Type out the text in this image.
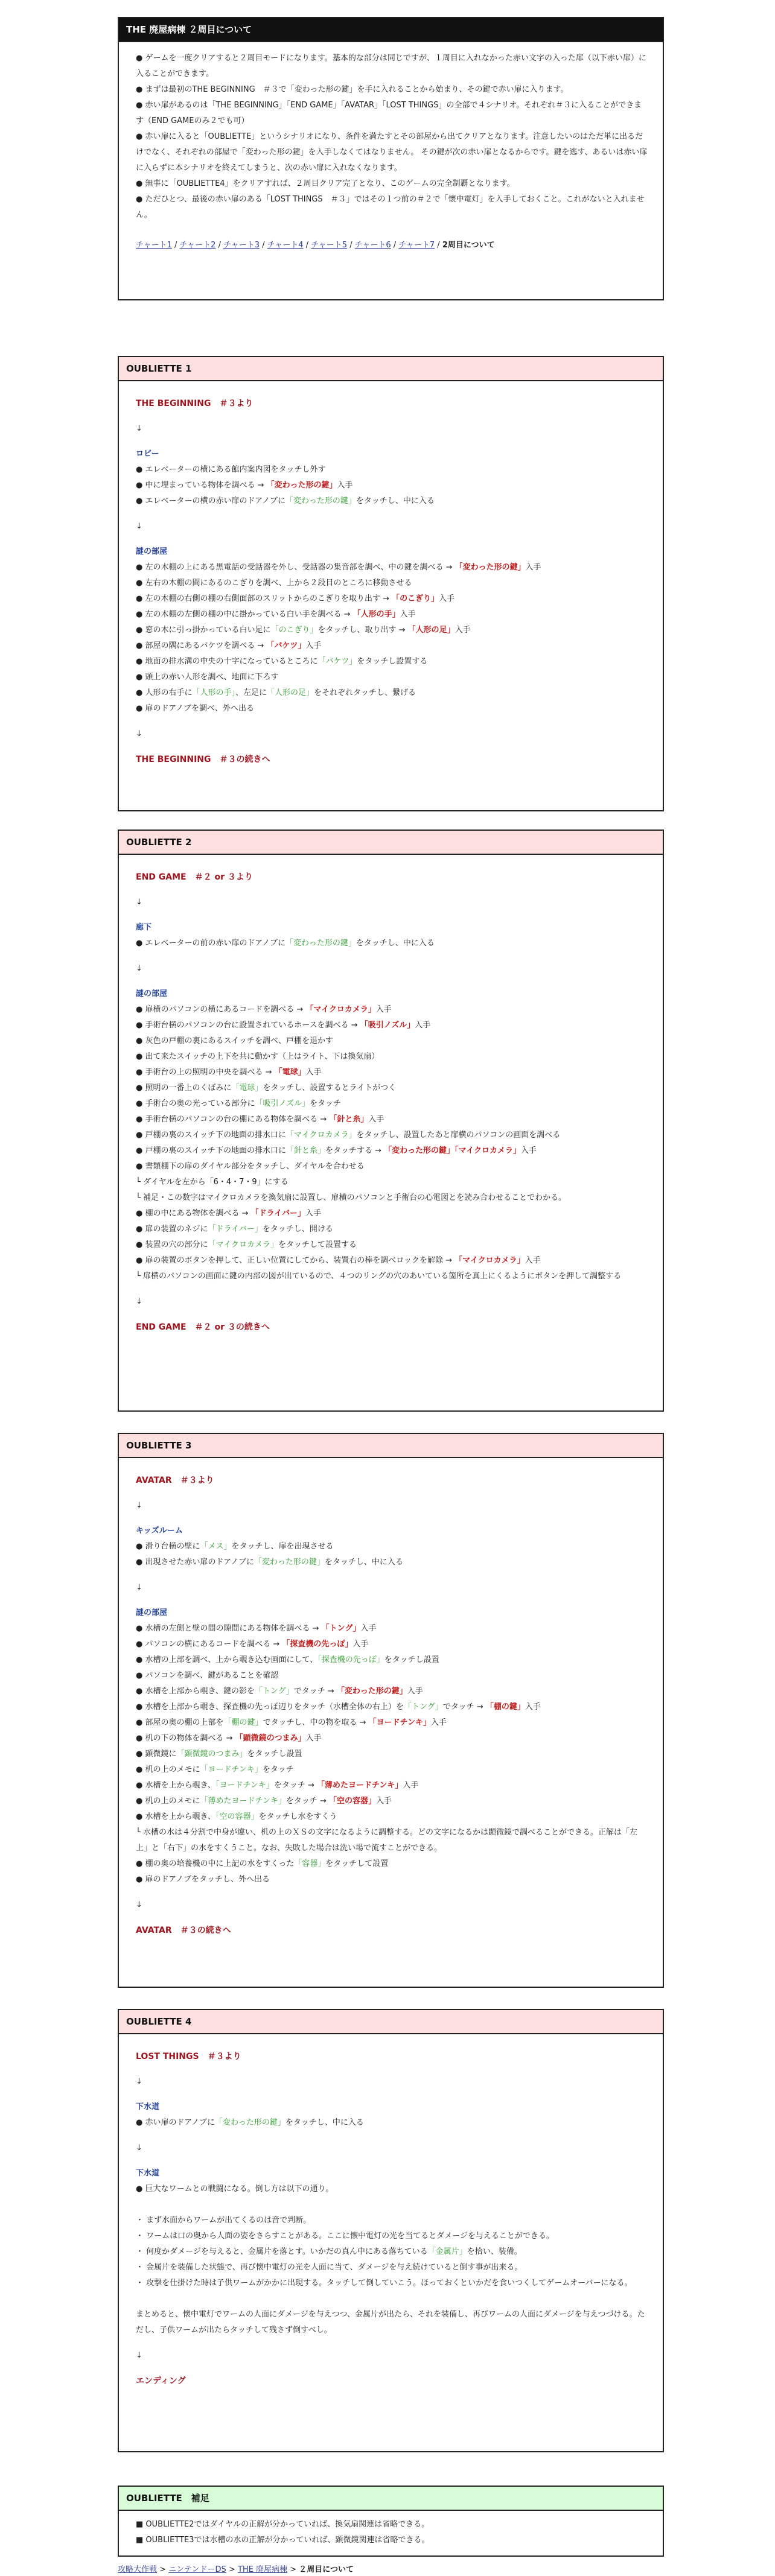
THE 廃屋病棟 ２周目について

● ゲームを一度クリアすると２周目モードになります。基本的な部分は同じですが、１周目に入れなかった赤い文字の入った扉（以下赤い扉）に入ることができます。

● まずは最初のTHE BEGINNING　＃３で「変わった形の鍵」を手に入れることから始まり、その鍵で赤い扉に入ります。

● 赤い扉があるのは「THE BEGINNING」「END GAME」「AVATAR」「LOST THINGS」の全部で４シナリオ。それぞれ＃３に入ることができます（END GAMEのみ２でも可）

● 赤い扉に入ると「OUBLIETTE」というシナリオになり、条件を満たすとその部屋から出てクリアとなります。注意したいのはただ単に出るだけでなく、それぞれの部屋で「変わった形の鍵」を入手しなくてはなりません。 その鍵が次の赤い扉となるからです。鍵を逃す、あるいは赤い扉に入らずに本シナリオを終えてしまうと、次の赤い扉に入れなくなります。

● 無事に「OUBLIETTE4」をクリアすれば、２周目クリア完了となり、このゲームの完全制覇となります。

● ただひとつ、最後の赤い扉のある「LOST THINGS　＃３」ではその１つ前の＃２で「懐中電灯」を入手しておくこと。これがないと入れません。

チャート1 / チャート2 / チャート3 / チャート4 / チャート5 / チャート6 / チャート7 / 2周目について
OUBLIETTE 1
THE BEGINNING　＃３より
↓
ロビー
● エレベーターの横にある館内案内図をタッチし外す
● 中に埋まっている物体を調べる → 「変わった形の鍵」入手
● エレベーターの横の赤い扉のドアノブに「変わった形の鍵」をタッチし、中に入る
↓
謎の部屋
● 左の木棚の上にある黒電話の受話器を外し、受話器の集音部を調べ、中の鍵を調べる → 「変わった形の鍵」入手
● 左右の木棚の間にあるのこぎりを調べ、上から２段目のところに移動させる
● 左の木棚の右側の棚の右側面部のスリットからのこぎりを取り出す → 「のこぎり」入手
● 左の木棚の左側の棚の中に掛かっている白い手を調べる → 「人形の手」入手
● 窓の木に引っ掛かっている白い足に「のこぎり」をタッチし、取り出す → 「人形の足」入手
● 部屋の隅にあるバケツを調べる → 「バケツ」入手
● 地面の排水溝の中央の十字になっているところに「バケツ」をタッチし設置する
● 頭上の赤い人形を調べ、地面に下ろす
● 人形の右手に「人形の手」、左足に「人形の足」をそれぞれタッチし、繋げる
● 扉のドアノブを調べ、外へ出る
↓
THE BEGINNING　＃３の続きへ
OUBLIETTE 2
END GAME　＃２ or ３より
↓
廊下
● エレベーターの前の赤い扉のドアノブに「変わった形の鍵」をタッチし、中に入る
↓
謎の部屋
● 扉横のパソコンの横にあるコードを調べる → 「マイクロカメラ」入手
● 手術台横のパソコンの台に設置されているホースを調べる → 「吸引ノズル」入手
● 灰色の戸棚の裏にあるスイッチを調べ、戸棚を退かす
● 出て来たスイッチの上下を共に動かす（上はライト、下は換気扇）
● 手術台の上の照明の中央を調べる → 「電球」入手
● 照明の一番上のくぼみに「電球」をタッチし、設置するとライトがつく
● 手術台の奥の光っている部分に「吸引ノズル」をタッチ
● 手術台横のパソコンの台の棚にある物体を調べる → 「針と糸」入手
● 戸棚の裏のスイッチ下の地面の排水口に「マイクロカメラ」をタッチし、設置したあと扉横のパソコンの画面を調べる
● 戸棚の裏のスイッチ下の地面の排水口に「針と糸」をタッチする → 「変わった形の鍵」「マイクロカメラ」入手
● 書類棚下の扉のダイヤル部分をタッチし、ダイヤルを合わせる
└ ダイヤルを左から「6・4・7・9」にする
└ 補足・この数字はマイクロカメラを換気扇に設置し、扉横のパソコンと手術台の心電図とを読み合わせることでわかる。
● 棚の中にある物体を調べる → 「ドライバー」入手
● 扉の装置のネジに「ドライバー」をタッチし、開ける
● 装置の穴の部分に「マイクロカメラ」をタッチして設置する
● 扉の装置のボタンを押して、正しい位置にしてから、装置右の棒を調べロックを解除 → 「マイクロカメラ」入手
└ 扉横のパソコンの画面に鍵の内部の図が出ているので、４つのリングの穴のあいている箇所を真上にくるようにボタンを押して調整する
↓
END GAME　＃２ or ３の続きへ
OUBLIETTE 3
AVATAR　＃３より
↓
キッズルーム
● 滑り台横の壁に「メス」をタッチし、扉を出現させる
● 出現させた赤い扉のドアノブに「変わった形の鍵」をタッチし、中に入る
↓
謎の部屋
● 水槽の左側と壁の間の隙間にある物体を調べる → 「トング」入手
● パソコンの横にあるコードを調べる → 「探査機の先っぽ」入手
● 水槽の上部を調べ、上から覗き込む画面にして、「探査機の先っぽ」をタッチし設置
● パソコンを調べ、鍵があることを確認
● 水槽を上部から覗き、鍵の影を「トング」でタッチ → 「変わった形の鍵」入手
● 水槽を上部から覗き、探査機の先っぽ辺りをタッチ（水槽全体の右上）を「トング」でタッチ → 「棚の鍵」入手
● 部屋の奥の棚の上部を「棚の鍵」でタッチし、中の物を取る → 「ヨードチンキ」入手
● 机の下の物体を調べる → 「顕微鏡のつまみ」入手
● 顕微鏡に「顕微鏡のつまみ」をタッチし設置
● 机の上のメモに「ヨードチンキ」をタッチ
● 水槽を上から覗き、「ヨードチンキ」をタッチ → 「薄めたヨードチンキ」入手
● 机の上のメモに「薄めたヨードチンキ」をタッチ → 「空の容器」入手
● 水槽を上から覗き、「空の容器」をタッチし水をすくう
└ 水槽の水は４分割で中身が違い、机の上のＸＳの文字になるように調整する。どの文字になるかは顕微鏡で調べることができる。正解は「左上」と「右下」の水をすくうこと。なお、失敗した場合は洗い場で流すことができる。
● 棚の奥の培養機の中に上記の水をすくった「容器」をタッチして設置
● 扉のドアノブをタッチし、外へ出る
↓
AVATAR　＃３の続きへ
OUBLIETTE 4
LOST THINGS　＃３より
↓
下水道
● 赤い扉のドアノブに「変わった形の鍵」をタッチし、中に入る
↓
下水道
● 巨大なワームとの戦闘になる。倒し方は以下の通り。
・ まず水面からワームが出てくるのは音で判断。
・ ワームは口の奥から人面の姿をさらすことがある。ここに懐中電灯の光を当てるとダメージを与えることができる。
・ 何度かダメージを与えると、金属片を落とす。いかだの真ん中にある落ちている「金属片」を拾い、装備。
・ 金属片を装備した状態で、再び懐中電灯の光を人面に当て、ダメージを与え続けていると倒す事が出来る。
・ 攻撃を仕掛けた時は子供ワームがかかに出現する。タッチして倒していこう。ほっておくといかだを食いつくしてゲームオーバーになる。

まとめると、懐中電灯でワームの人面にダメージを与えつつ、金属片が出たら、それを装備し、再びワームの人面にダメージを与えつづける。ただし、子供ワームが出たらタッチして残さず倒すべし。

↓
エンディング
OUBLIETTE　補足
■ OUBLIETTE2ではダイヤルの正解が分かっていれば、換気扇関連は省略できる。
■ OUBLIETTE3では水槽の水の正解が分かっていれば、顕微鏡関連は省略できる。
攻略大作戦 > ニンテンドーDS > THE 廃屋病棟 > ２周目について
